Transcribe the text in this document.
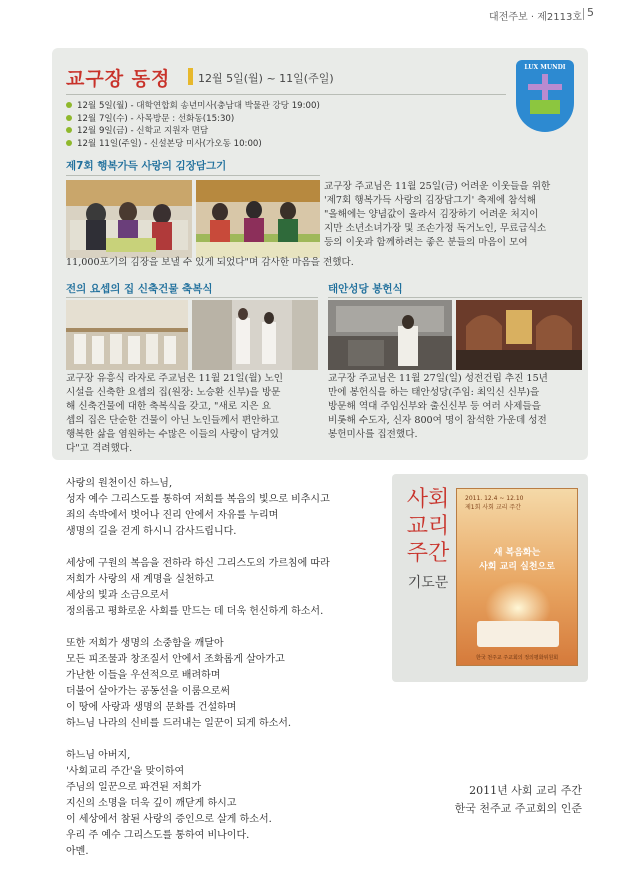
대전주보 · 제2113호 5
교구장 동정	12월 5일(월) ~ 11일(주일)
LUX MUNDI
12월 5일(월) - 대학연합회 송년미사(충남대 박물관 강당 19:00)
12월 7일(수) - 사목방문 : 선화동(15:30)
12월 9일(금) - 신학교 지원자 면담
12월 11일(주일) - 신설본당 미사(가오동 10:00)
제7회 행복가득 사랑의 김장담그기
교구장 주교님은 11월 25일(금) 어려운 이웃들을 위한
'제7회 행복가득 사랑의 김장담그기' 축제에 참석해
"올해에는 양념값이 올라서 김장하기 어려운 처지이
지만 소년소녀가장 및 조손가정 독거노인, 무료급식소
등의 이웃과 함께하려는 좋은 분들의 마음이 모여
11,000포기의 김장을 보낼 수 있게 되었다"며 감사한 마음을 전했다.
전의 요셉의 집 신축건물 축복식
교구장 유흥식 라자로 주교님은 11월 21일(월) 노인
시설을 신축한 요셉의 집(원장: 노승환 신부)을 방문
해 신축건물에 대한 축복식을 갖고, "새로 지은 요
셉의 집은 단순한 건물이 아닌 노인들께서 편안하고
행복한 삶을 염원하는 수많은 이들의 사랑이 담겨있
다"고 격려했다.
태안성당 봉헌식
교구장 주교님은 11월 27일(일) 성전건립 추진 15년
만에 봉헌식을 하는 태안성당(주임: 최익신 신부)을
방문해 역대 주임신부와 출신신부 등 여러 사제들을
비롯해 수도자, 신자 800여 명이 참석한 가운데 성전
봉헌미사를 집전했다.

사랑의 원천이신 하느님,
성자 예수 그리스도를 통하여 저희를 복음의 빛으로 비추시고
죄의 속박에서 벗어나 진리 안에서 자유를 누리며
생명의 길을 걷게 하시니 감사드립니다.

세상에 구원의 복음을 전하라 하신 그리스도의 가르침에 따라
저희가 사랑의 새 계명을 실천하고
세상의 빛과 소금으로서
정의롭고 평화로운 사회를 만드는 데 더욱 헌신하게 하소서.

또한 저희가 생명의 소중함을 깨달아
모든 피조물과 창조질서 안에서 조화롭게 살아가고
가난한 이들을 우선적으로 배려하며
더불어 살아가는 공동선을 이룸으로써
이 땅에 사랑과 생명의 문화를 건설하며
하느님 나라의 신비를 드러내는 일꾼이 되게 하소서.

하느님 아버지,
'사회교리 주간'을 맞이하여
주님의 일꾼으로 파견된 저희가
지신의 소명을 더욱 깊이 깨닫게 하시고
이 세상에서 참된 사랑의 증인으로 살게 하소서.
우리 주 예수 그리스도를 통하여 비나이다.
아멘.

사회
교리
주간
기도문
2011. 12.4 ~ 12.10
제1회 사회 교리 주간
새 복음화는
사회 교리 실천으로
한국 천주교 주교회의 정의평화위원회
2011년 사회 교리 주간
한국 천주교 주교회의 인준
